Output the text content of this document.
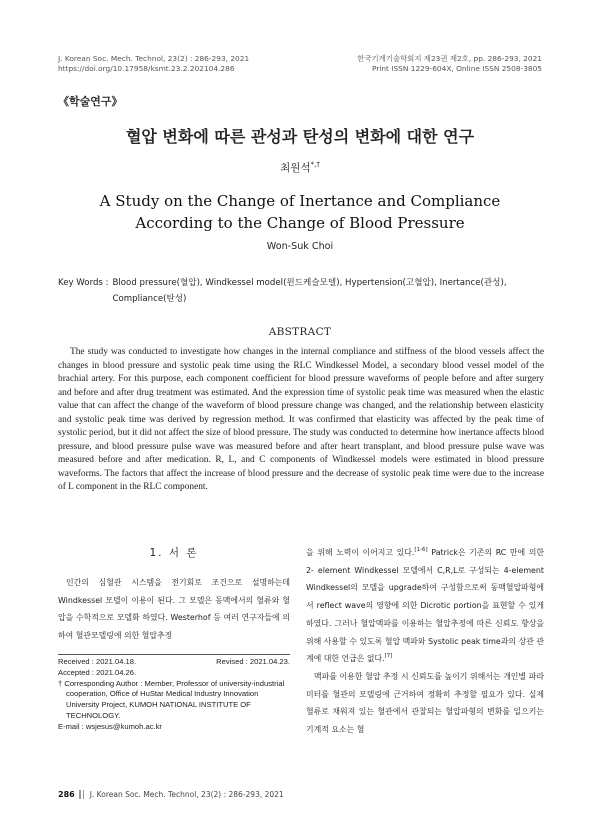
J. Korean Soc. Mech. Technol, 23(2) : 286-293, 2021
https://doi.org/10.17958/ksmt.23.2.202104.286
한국기계기술학회지 제23권 제2호, pp. 286-293, 2021
Print ISSN 1229-604X, Online ISSN 2508-3805
《학술연구》
혈압 변화에 따른 관성과 탄성의 변화에 대한 연구
최원석*,†
A Study on the Change of Inertance and Compliance
According to the Change of Blood Pressure
Won-Suk Choi
Key Words : Blood pressure(혈압), Windkessel model(윈드케슬모델), Hypertension(고혈압), Inertance(관성), Compliance(탄성)
ABSTRACT
The study was conducted to investigate how changes in the internal compliance and stiffness of the blood vessels affect the changes in blood pressure and systolic peak time using the RLC Windkessel Model, a secondary blood vessel model of the brachial artery. For this purpose, each component coefficient for blood pressure waveforms of people before and after surgery and before and after drug treatment was estimated. And the expression time of systolic peak time was measured when the elastic value that can affect the change of the waveform of blood pressure change was changed, and the relationship between elasticity and systolic peak time was derived by regression method. It was confirmed that elasticity was affected by the peak time of systolic period, but it did not affect the size of blood pressure. The study was conducted to determine how inertance affects blood pressure, and blood pressure pulse wave was measured before and after heart transplant, and blood pressure pulse wave was measured before and after medication. R, L, and C components of Windkessel models were estimated in blood pressure waveforms. The factors that affect the increase of blood pressure and the decrease of systolic peak time were due to the increase of L component in the RLC component.
1. 서 론
인간의 심혈관 시스템을 전기회로 조건으로 설명하는데 Windkessel 모델이 이용이 된다. 그 모델은 동맥에서의 혈류와 혈압을 수학적으로 모델화 하였다. Westerhof 등 여러 연구자들에 의하여 혈관모델링에 의한 혈압추정

을 위해 노력이 이어지고 있다.[1-6] Patrick은 기존의 RC 만에 의한 2- element Windkessel 모델에서 C,R,L로 구성되는 4-element Windkessel의 모델을 upgrade하여 구성함으로써 동맥혈압파형에서 reflect wave의 영향에 의한 Dicrotic portion을 표현할 수 있게 하였다. 그러나 혈압맥파를 이용하는 혈압추정에 따른 신뢰도 향상을 위해 사용할 수 있도록 혈압 맥파와 Systolic peak time과의 상관 관계에 대한 언급은 없다.[7]

맥파를 이용한 혈압 추정 시 신뢰도를 높이기 위해서는 개인별 파라미터를 혈관의 모델링에 근거하여 정확히 추정할 필요가 있다. 실제 혈류로 채워져 있는 혈관에서 관찰되는 혈압파형의 변화를 일으키는 기계적 요소는 혈

Received : 2021.04.18.	Revised : 2021.04.23.
Accepted : 2021.04.26.
† Corresponding Author : Member, Professor of university-industrial cooperation, Office of HuStar Medical Industry Innovation University Project, KUMOH NATIONAL INSTITUTE OF TECHNOLOGY.
E-mail : wsjesus@kumoh.ac.kr
286 J. Korean Soc. Mech. Technol, 23(2) : 286-293, 2021
